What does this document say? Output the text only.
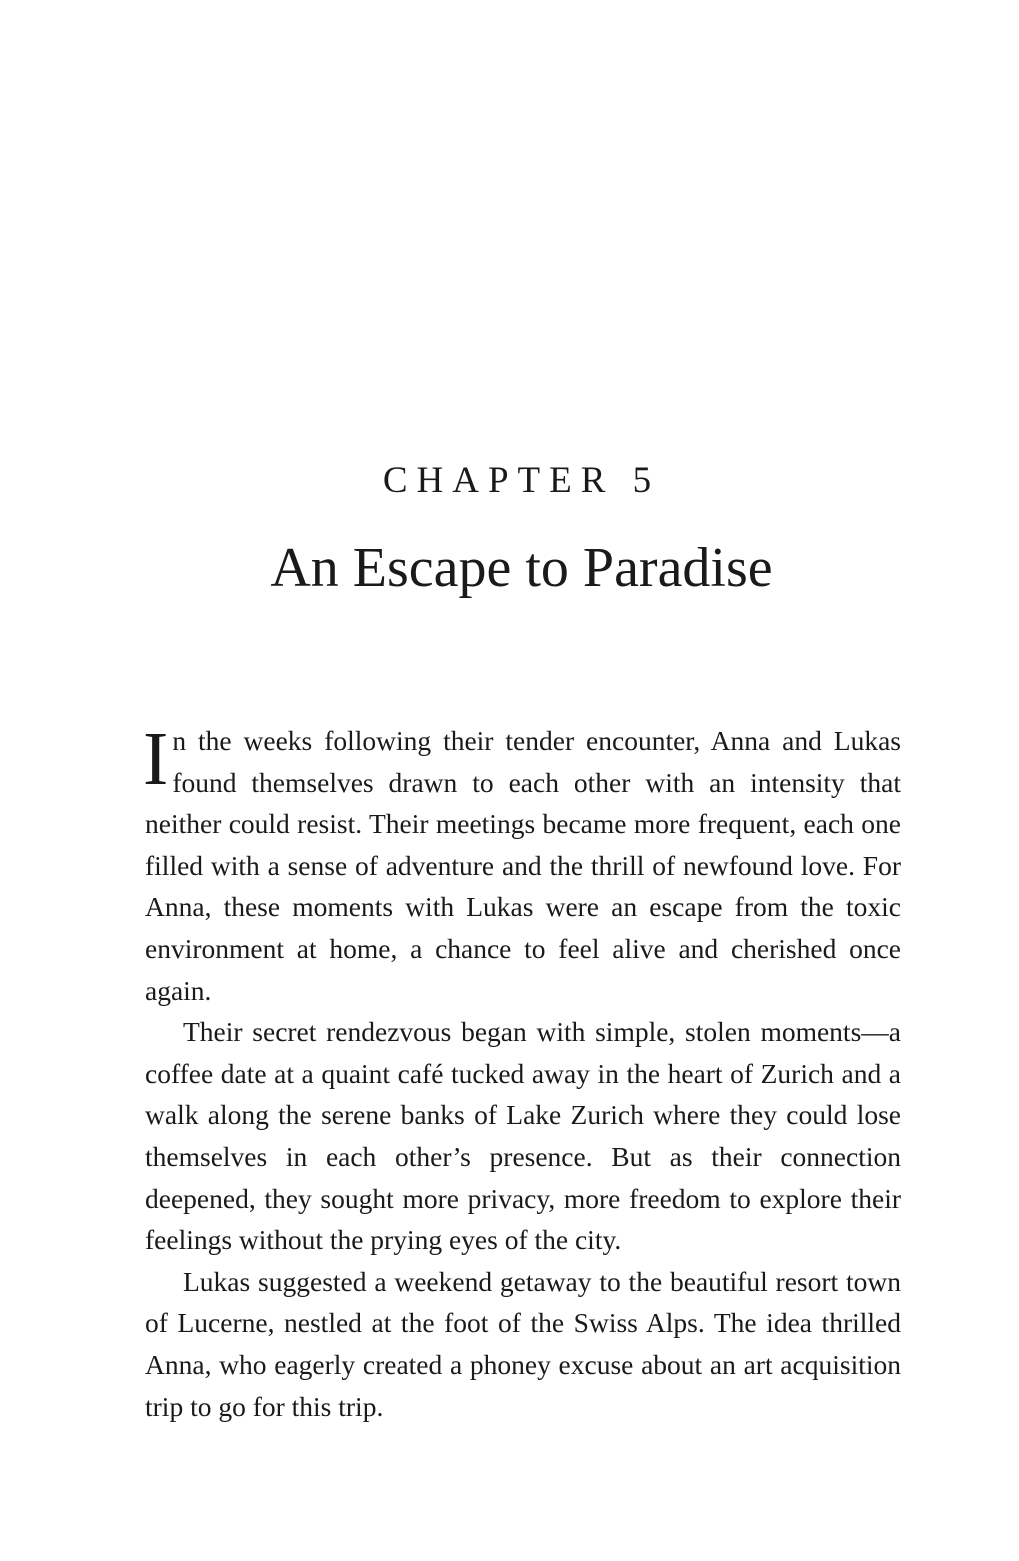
CHAPTER 5
An Escape to Paradise

In the weeks following their tender encounter, Anna and Lukas found themselves drawn to each other with an intensity that neither could resist. Their meetings became more frequent, each one filled with a sense of adventure and the thrill of newfound love. For Anna, these moments with Lukas were an escape from the toxic environment at home, a chance to feel alive and cherished once again.

Their secret rendezvous began with simple, stolen moments—a coffee date at a quaint café tucked away in the heart of Zurich and a walk along the serene banks of Lake Zurich where they could lose themselves in each other’s presence. But as their connection deepened, they sought more privacy, more freedom to explore their feelings without the prying eyes of the city.

Lukas suggested a weekend getaway to the beautiful resort town of Lucerne, nestled at the foot of the Swiss Alps. The idea thrilled Anna, who eagerly created a phoney excuse about an art acquisition trip to go for this trip.
